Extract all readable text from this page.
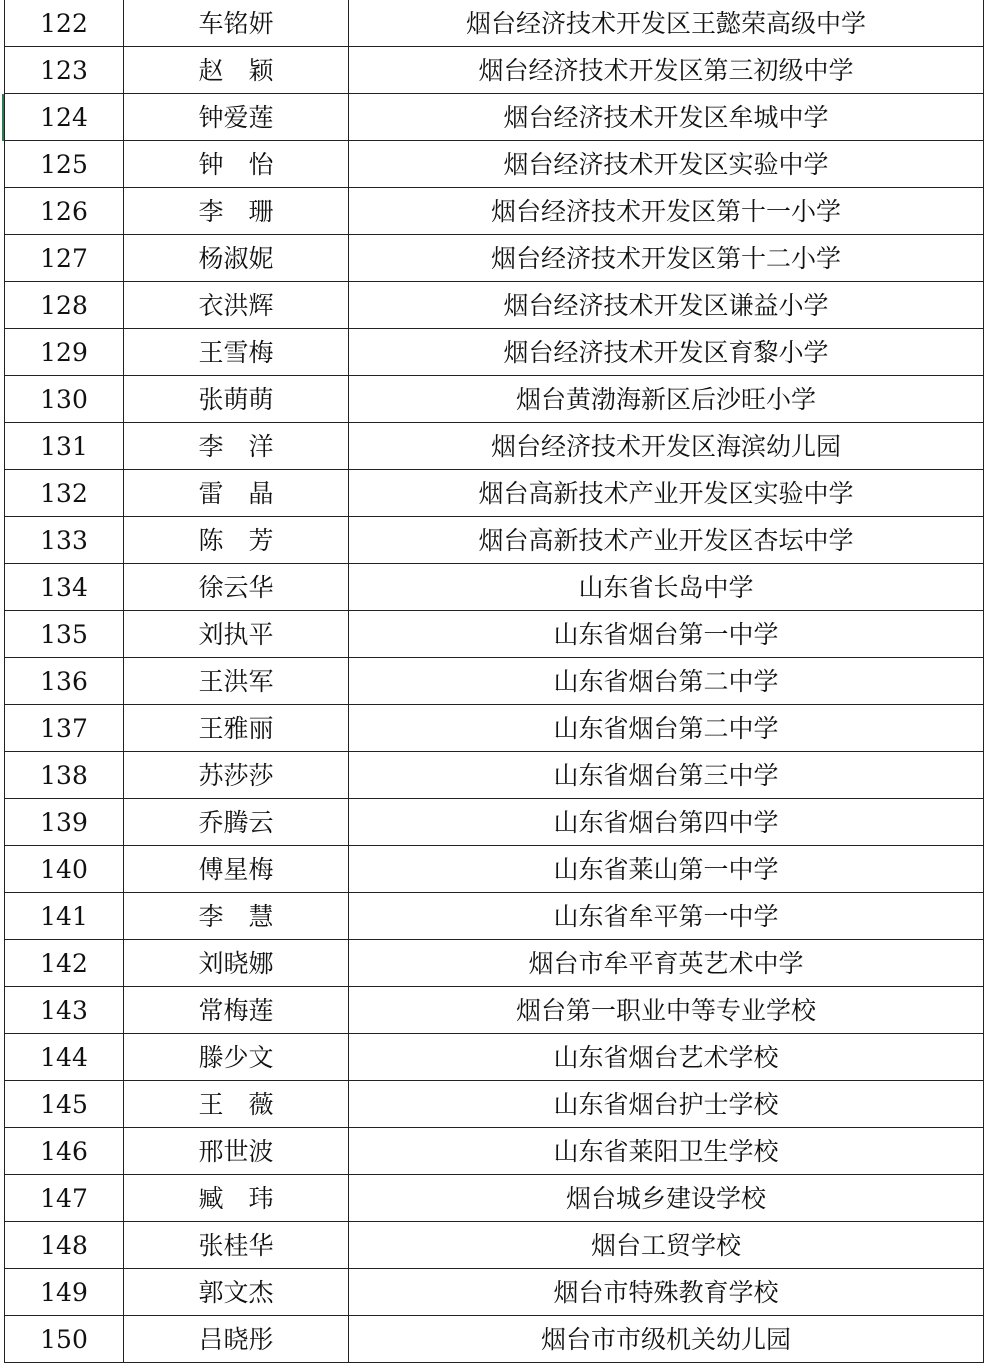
122	车铭妍	烟台经济技术开发区王懿荣高级中学
123	赵　颖	烟台经济技术开发区第三初级中学
124	钟爱莲	烟台经济技术开发区牟城中学
125	钟　怡	烟台经济技术开发区实验中学
126	李　珊	烟台经济技术开发区第十一小学
127	杨淑妮	烟台经济技术开发区第十二小学
128	衣洪辉	烟台经济技术开发区谦益小学
129	王雪梅	烟台经济技术开发区育黎小学
130	张萌萌	烟台黄渤海新区后沙旺小学
131	李　洋	烟台经济技术开发区海滨幼儿园
132	雷　晶	烟台高新技术产业开发区实验中学
133	陈　芳	烟台高新技术产业开发区杏坛中学
134	徐云华	山东省长岛中学
135	刘执平	山东省烟台第一中学
136	王洪军	山东省烟台第二中学
137	王雅丽	山东省烟台第二中学
138	苏莎莎	山东省烟台第三中学
139	乔腾云	山东省烟台第四中学
140	傅星梅	山东省莱山第一中学
141	李　慧	山东省牟平第一中学
142	刘晓娜	烟台市牟平育英艺术中学
143	常梅莲	烟台第一职业中等专业学校
144	滕少文	山东省烟台艺术学校
145	王　薇	山东省烟台护士学校
146	邢世波	山东省莱阳卫生学校
147	臧　玮	烟台城乡建设学校
148	张桂华	烟台工贸学校
149	郭文杰	烟台市特殊教育学校
150	吕晓彤	烟台市市级机关幼儿园
